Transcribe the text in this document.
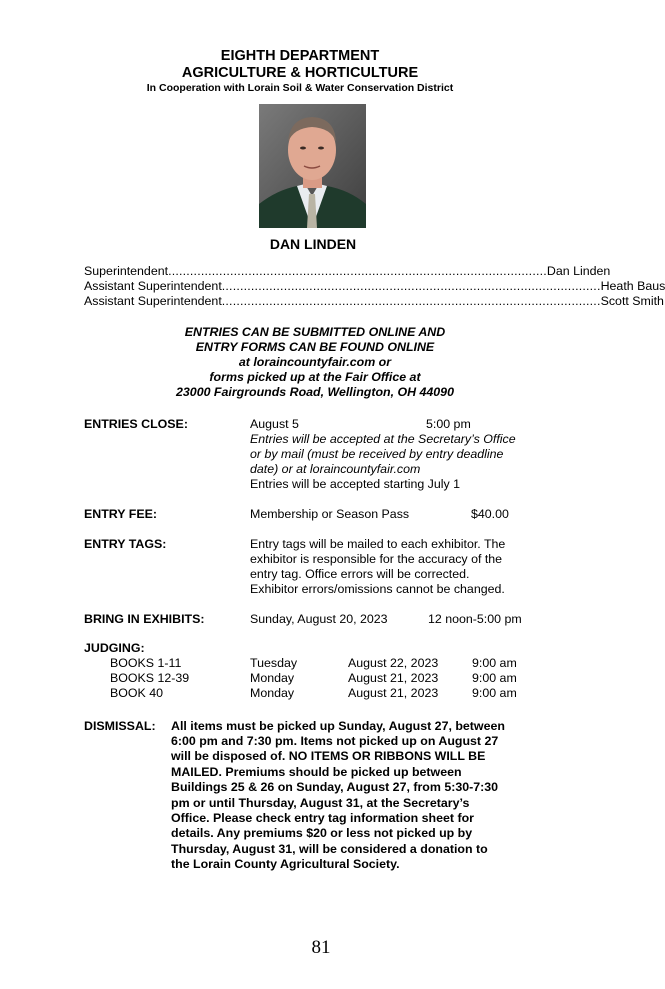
EIGHTH DEPARTMENT
AGRICULTURE & HORTICULTURE
In Cooperation with Lorain Soil & Water Conservation District
DAN LINDEN
Superintendent ........................................................................................................ Dan Linden
Assistant Superintendent ........................................................................................................ Heath Baus
Assistant Superintendent ........................................................................................................ Scott Smith
ENTRIES CAN BE SUBMITTED ONLINE AND
ENTRY FORMS CAN BE FOUND ONLINE
at loraincountyfair.com or
forms picked up at the Fair Office at
23000 Fairgrounds Road, Wellington, OH 44090
ENTRIES CLOSE:	August 5	5:00 pm
Entries will be accepted at the Secretary’s Office
or by mail (must be received by entry deadline
date) or at loraincountyfair.com
Entries will be accepted starting July 1
ENTRY FEE:	Membership or Season Pass	$40.00
ENTRY TAGS:	Entry tags will be mailed to each exhibitor. The
exhibitor is responsible for the accuracy of the
entry tag. Office errors will be corrected.
Exhibitor errors/omissions cannot be changed.
BRING IN EXHIBITS:	Sunday, August 20, 2023	12 noon-5:00 pm
JUDGING:
BOOKS 1-11	Tuesday	August 22, 2023	9:00 am
BOOKS 12-39	Monday	August 21, 2023	9:00 am
BOOK 40	Monday	August 21, 2023	9:00 am
DISMISSAL: All items must be picked up Sunday, August 27, between
6:00 pm and 7:30 pm. Items not picked up on August 27
will be disposed of. NO ITEMS OR RIBBONS WILL BE
MAILED. Premiums should be picked up between
Buildings 25 & 26 on Sunday, August 27, from 5:30-7:30
pm or until Thursday, August 31, at the Secretary’s
Office. Please check entry tag information sheet for
details. Any premiums $20 or less not picked up by
Thursday, August 31, will be considered a donation to
the Lorain County Agricultural Society.
81
